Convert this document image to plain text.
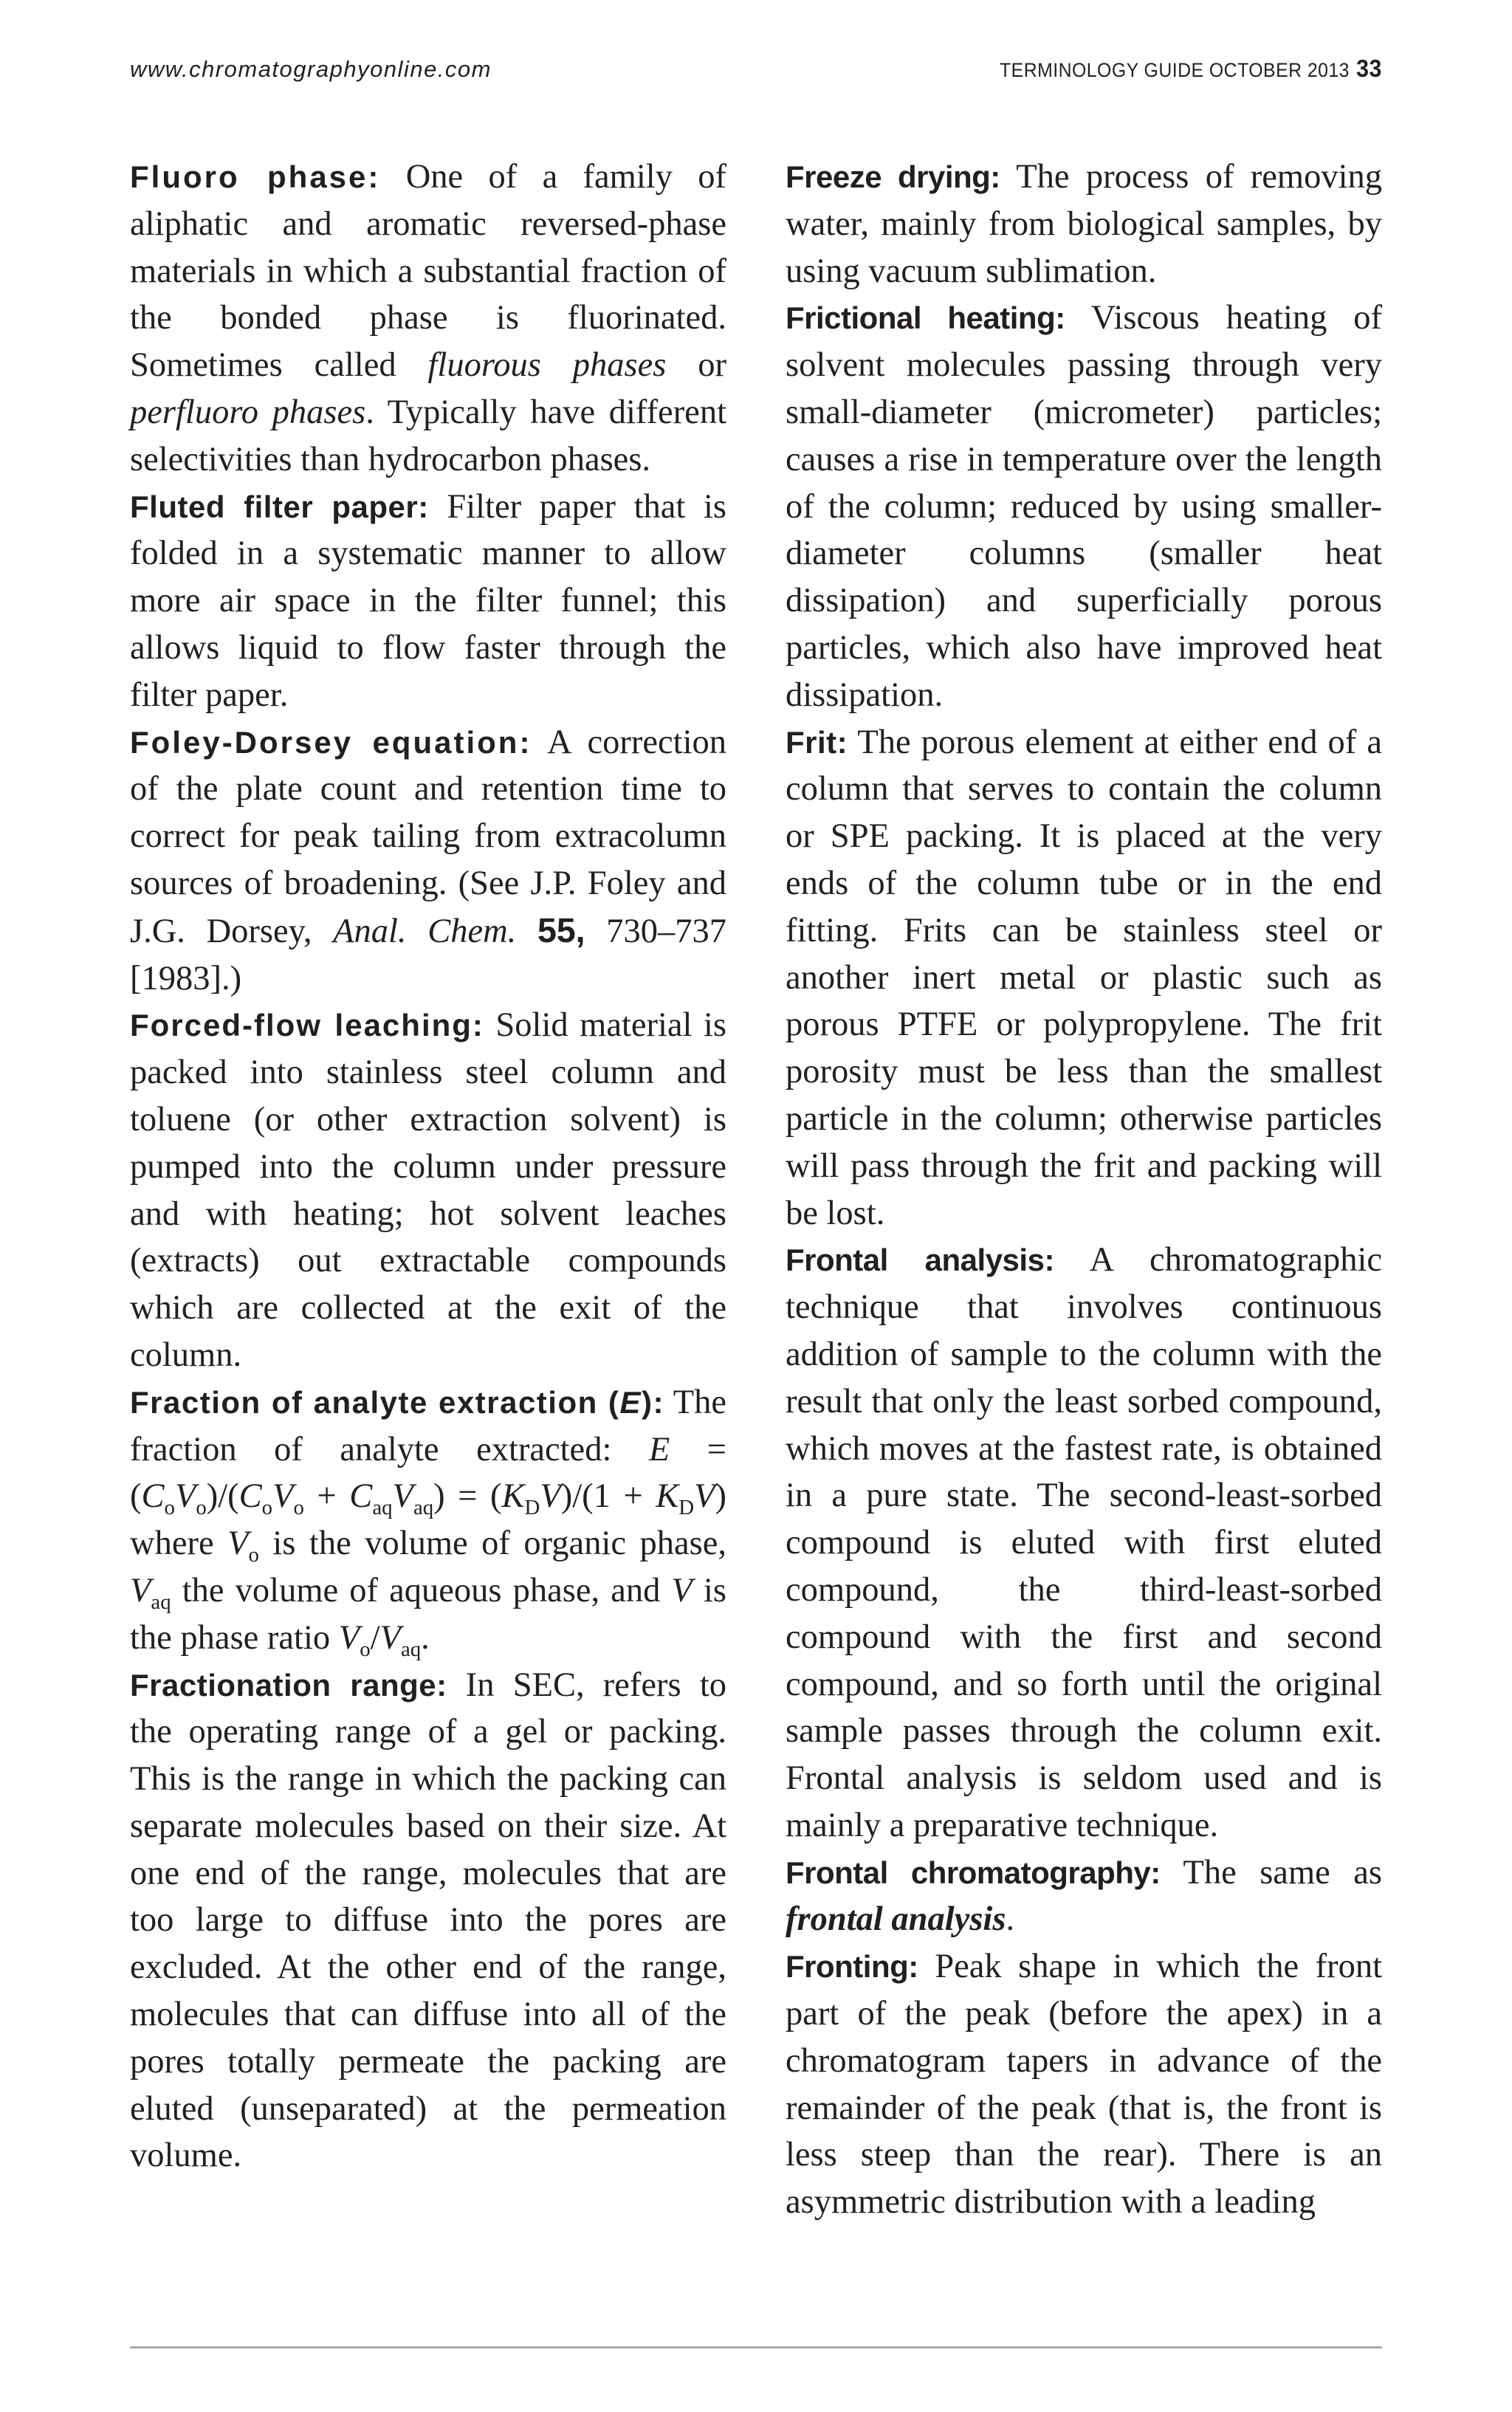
www.chromatographyonline.com	TERMINOLOGY GUIDE OCTOBER 2013 33

Fluoro phase: One of a family of aliphatic and aromatic reversed-phase materials in which a substantial fraction of the bonded phase is fluorinated. Sometimes called fluorous phases or perfluoro phases. Typically have different selectivities than hydrocarbon phases.

Fluted filter paper: Filter paper that is folded in a systematic manner to allow more air space in the filter funnel; this allows liquid to flow faster through the filter paper.

Foley-Dorsey equation: A correction of the plate count and retention time to correct for peak tailing from extracolumn sources of broadening. (See J.P. Foley and J.G. Dorsey, Anal. Chem. 55, 730–737 [1983].)

Forced-flow leaching: Solid material is packed into stainless steel column and toluene (or other extraction solvent) is pumped into the column under pressure and with heating; hot solvent leaches (extracts) out extractable compounds which are collected at the exit of the column.

Fraction of analyte extraction (E): The fraction of analyte extracted: $E = (C_oV_o)/(C_oV_o + C_{aq}V_{aq}) = (K_DV)/(1 + K_DV)$ where $V_o$ is the volume of organic phase, $V_{aq}$ the volume of aqueous phase, and V is the phase ratio $V_o/V_{aq}$.

Fractionation range: In SEC, refers to the operating range of a gel or packing. This is the range in which the packing can separate molecules based on their size. At one end of the range, molecules that are too large to diffuse into the pores are excluded. At the other end of the range, molecules that can diffuse into all of the pores totally permeate the packing are eluted (unseparated) at the permeation volume.

Freeze drying: The process of removing water, mainly from biological samples, by using vacuum sublimation.

Frictional heating: Viscous heating of solvent molecules passing through very small-diameter (micrometer) particles; causes a rise in temperature over the length of the column; reduced by using smaller-diameter columns (smaller heat dissipation) and superficially porous particles, which also have improved heat dissipation.

Frit: The porous element at either end of a column that serves to contain the column or SPE packing. It is placed at the very ends of the column tube or in the end fitting. Frits can be stainless steel or another inert metal or plastic such as porous PTFE or polypropylene. The frit porosity must be less than the smallest particle in the column; otherwise particles will pass through the frit and packing will be lost.

Frontal analysis: A chromatographic technique that involves continuous addition of sample to the column with the result that only the least sorbed compound, which moves at the fastest rate, is obtained in a pure state. The second-least-sorbed compound is eluted with first eluted compound, the third-least-sorbed compound with the first and second compound, and so forth until the original sample passes through the column exit. Frontal analysis is seldom used and is mainly a preparative technique.

Frontal chromatography: The same as frontal analysis.

Fronting: Peak shape in which the front part of the peak (before the apex) in a chromatogram tapers in advance of the remainder of the peak (that is, the front is less steep than the rear). There is an asymmetric distribution with a leading
